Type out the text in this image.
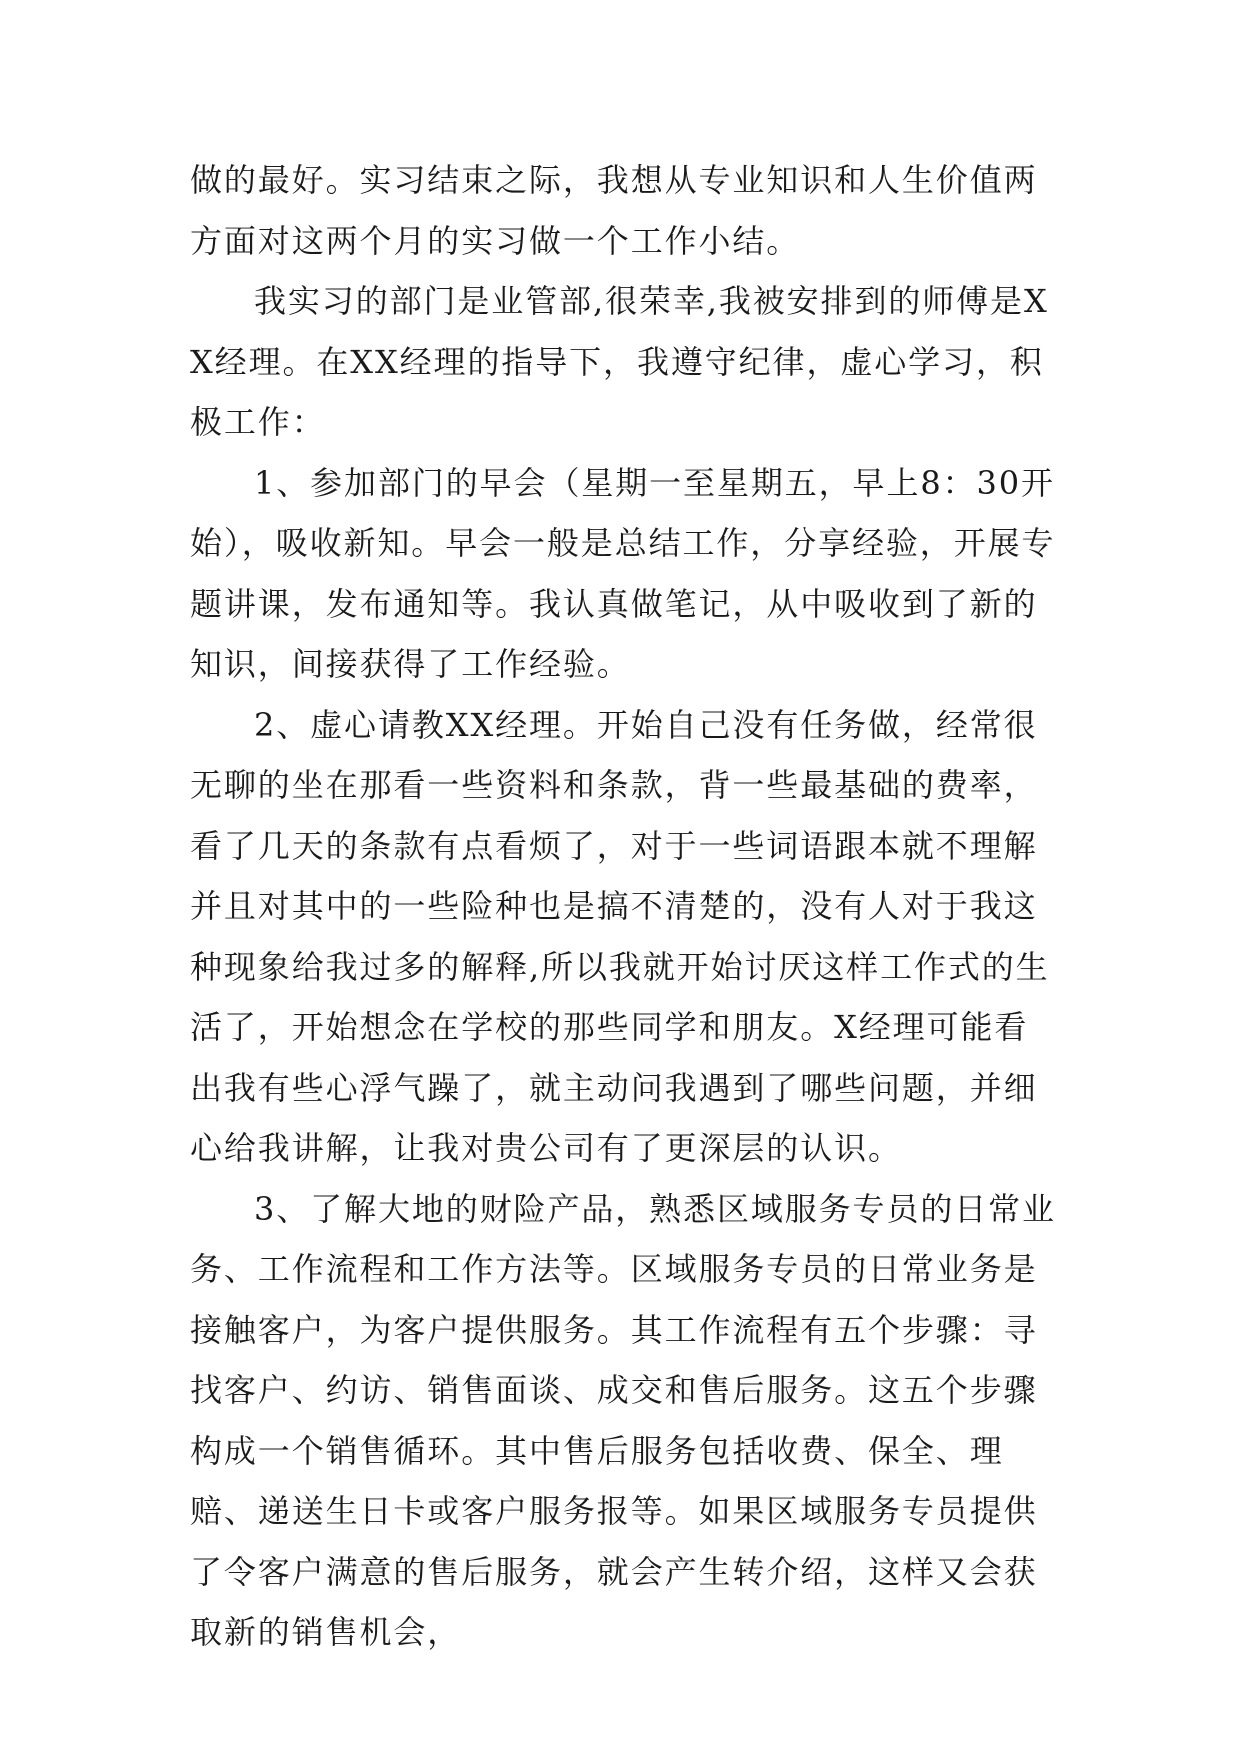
做的最好。实习结束之际，我想从专业知识和人生价值两方面对这两个月的实习做一个工作小结。

我实习的部门是业管部,很荣幸,我被安排到的师傅是XX经理。在XX经理的指导下，我遵守纪律，虚心学习，积极工作：

1、参加部门的早会（星期一至星期五，早上8：30开始），吸收新知。早会一般是总结工作，分享经验，开展专题讲课，发布通知等。我认真做笔记，从中吸收到了新的知识，间接获得了工作经验。

2、虚心请教XX经理。开始自己没有任务做，经常很无聊的坐在那看一些资料和条款，背一些最基础的费率，看了几天的条款有点看烦了，对于一些词语跟本就不理解并且对其中的一些险种也是搞不清楚的，没有人对于我这种现象给我过多的解释,所以我就开始讨厌这样工作式的生活了，开始想念在学校的那些同学和朋友。X经理可能看出我有些心浮气躁了，就主动问我遇到了哪些问题，并细心给我讲解，让我对贵公司有了更深层的认识。

3、了解大地的财险产品，熟悉区域服务专员的日常业务、工作流程和工作方法等。区域服务专员的日常业务是接触客户，为客户提供服务。其工作流程有五个步骤：寻找客户、约访、销售面谈、成交和售后服务。这五个步骤构成一个销售循环。其中售后服务包括收费、保全、理赔、递送生日卡或客户服务报等。如果区域服务专员提供了令客户满意的售后服务，就会产生转介绍，这样又会获取新的销售机会，
